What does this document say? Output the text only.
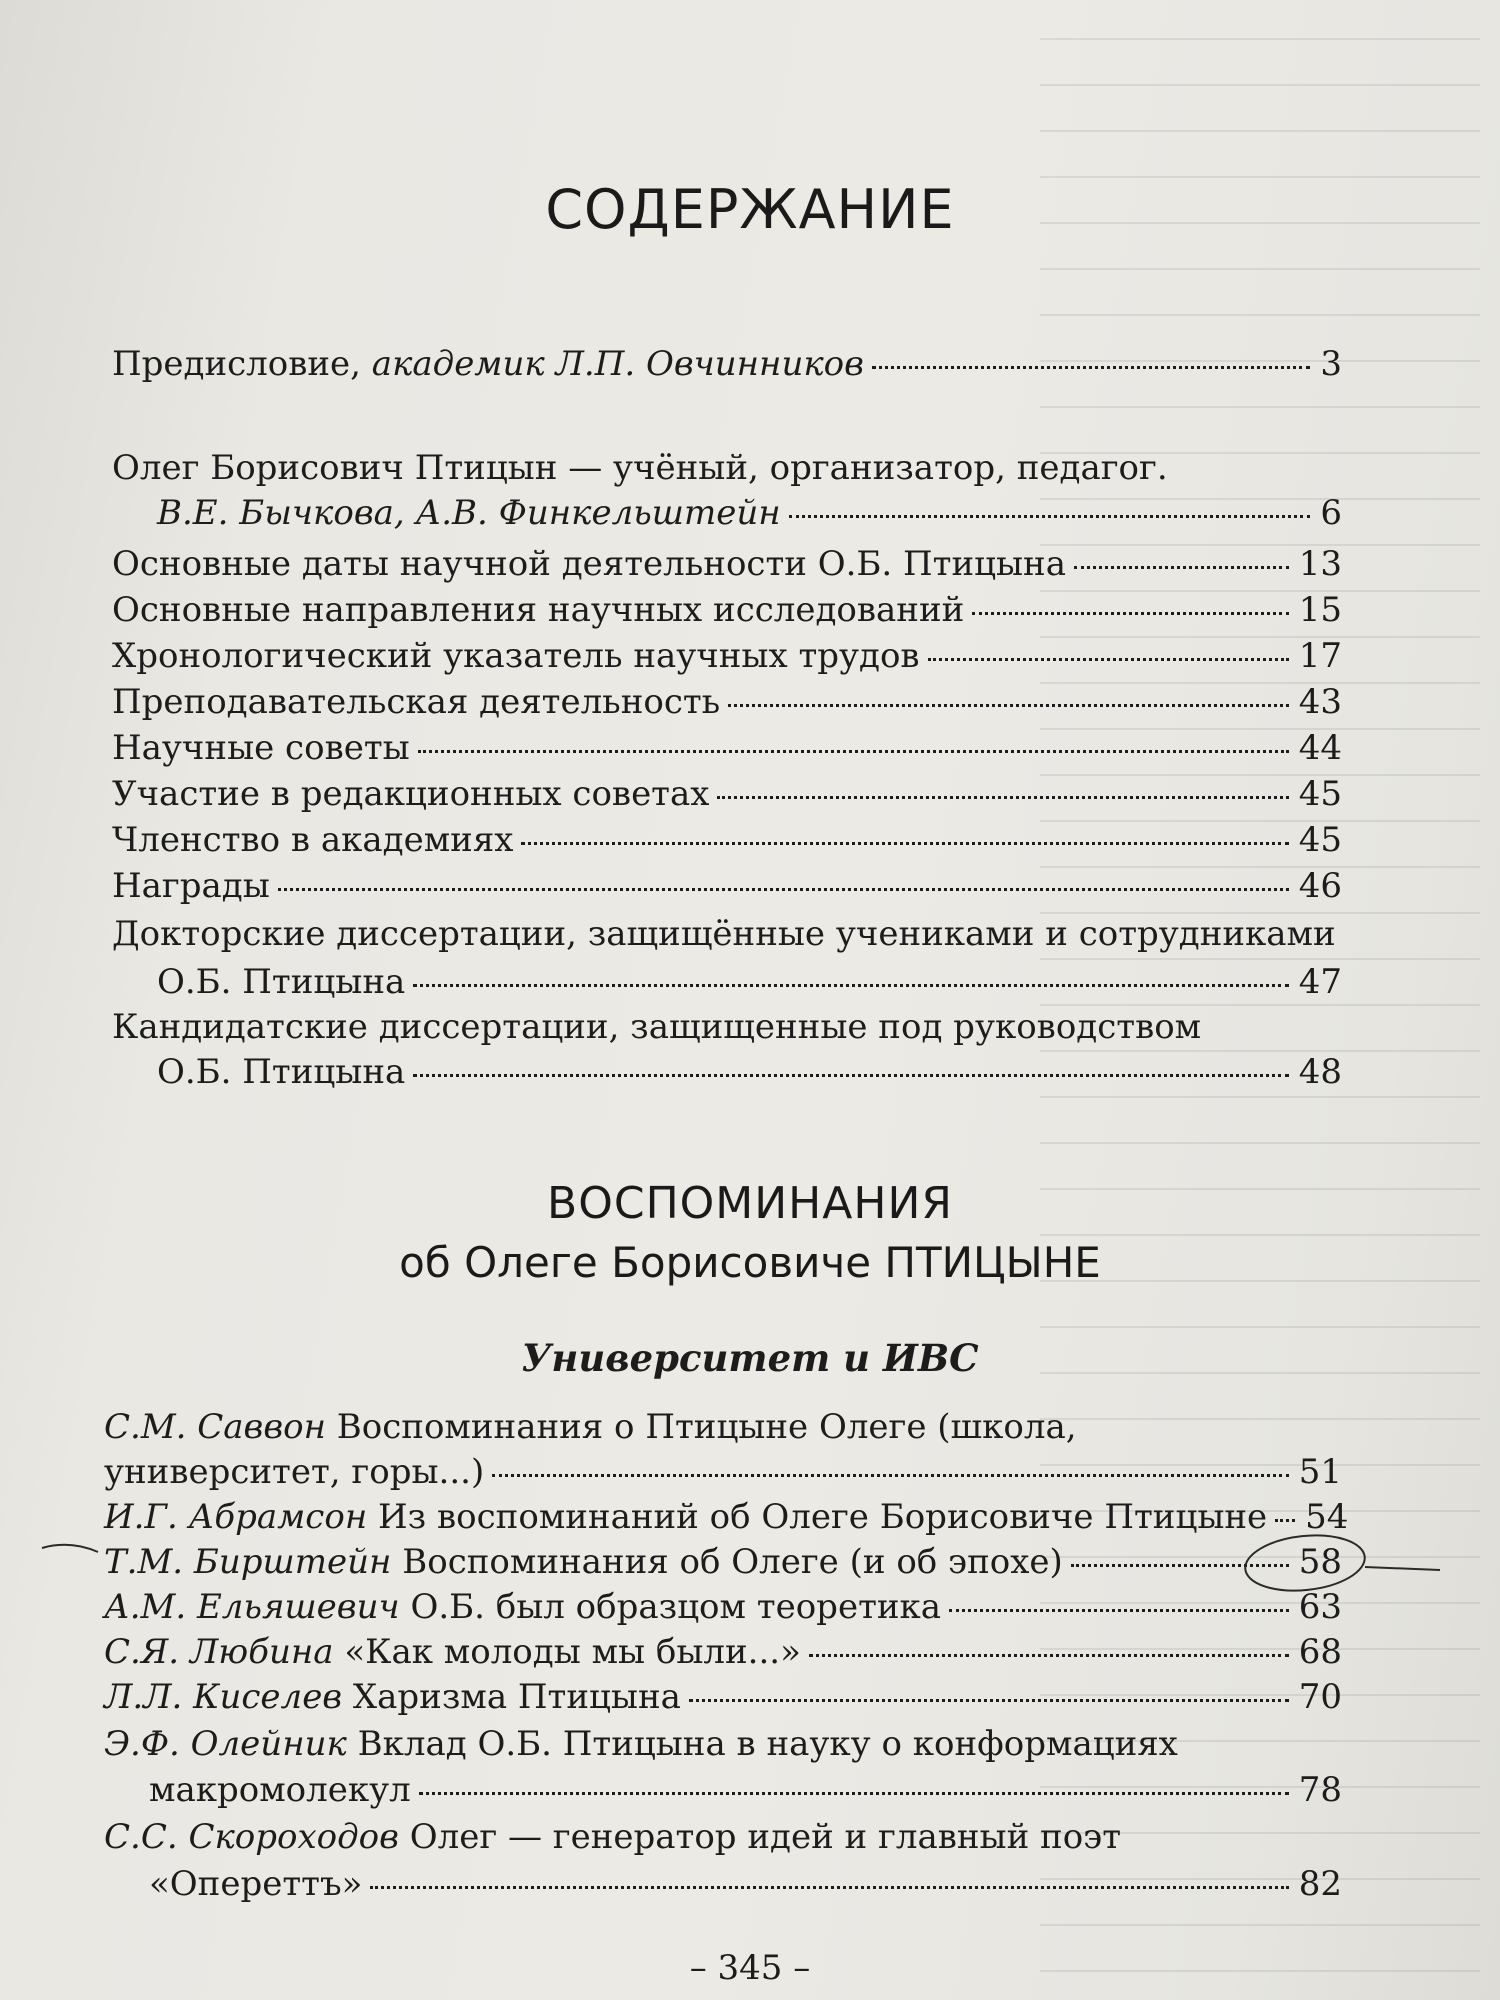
СОДЕРЖАНИЕ
Предисловие, академик Л.П. Овчинников	3
Олег Борисович Птицын — учёный, организатор, педагог.
В.Е. Бычкова, А.В. Финкельштейн	6
Основные даты научной деятельности О.Б. Птицына	13
Основные направления научных исследований	15
Хронологический указатель научных трудов	17
Преподавательская деятельность	43
Научные советы	44
Участие в редакционных советах	45
Членство в академиях	45
Награды	46
Докторские диссертации, защищённые учениками и сотрудниками
О.Б. Птицына	47
Кандидатские диссертации, защищенные под руководством
О.Б. Птицына	48
ВОСПОМИНАНИЯ
об Олеге Борисовиче ПТИЦЫНЕ
Университет и ИВС
С.М. Саввон Воспоминания о Птицыне Олеге (школа,
университет, горы...)	51
И.Г. Абрамсон Из воспоминаний об Олеге Борисовиче Птицыне 54
Т.М. Бирштейн Воспоминания об Олеге (и об эпохе)	58
А.М. Ельяшевич О.Б. был образцом теоретика	63
С.Я. Любина «Как молоды мы были...»	68
Л.Л. Киселев Харизма Птицына	70
Э.Ф. Олейник Вклад О.Б. Птицына в науку о конформациях
макромолекул	78
С.С. Скороходов Олег — генератор идей и главный поэт
«Опереттъ»	82
– 345 –
